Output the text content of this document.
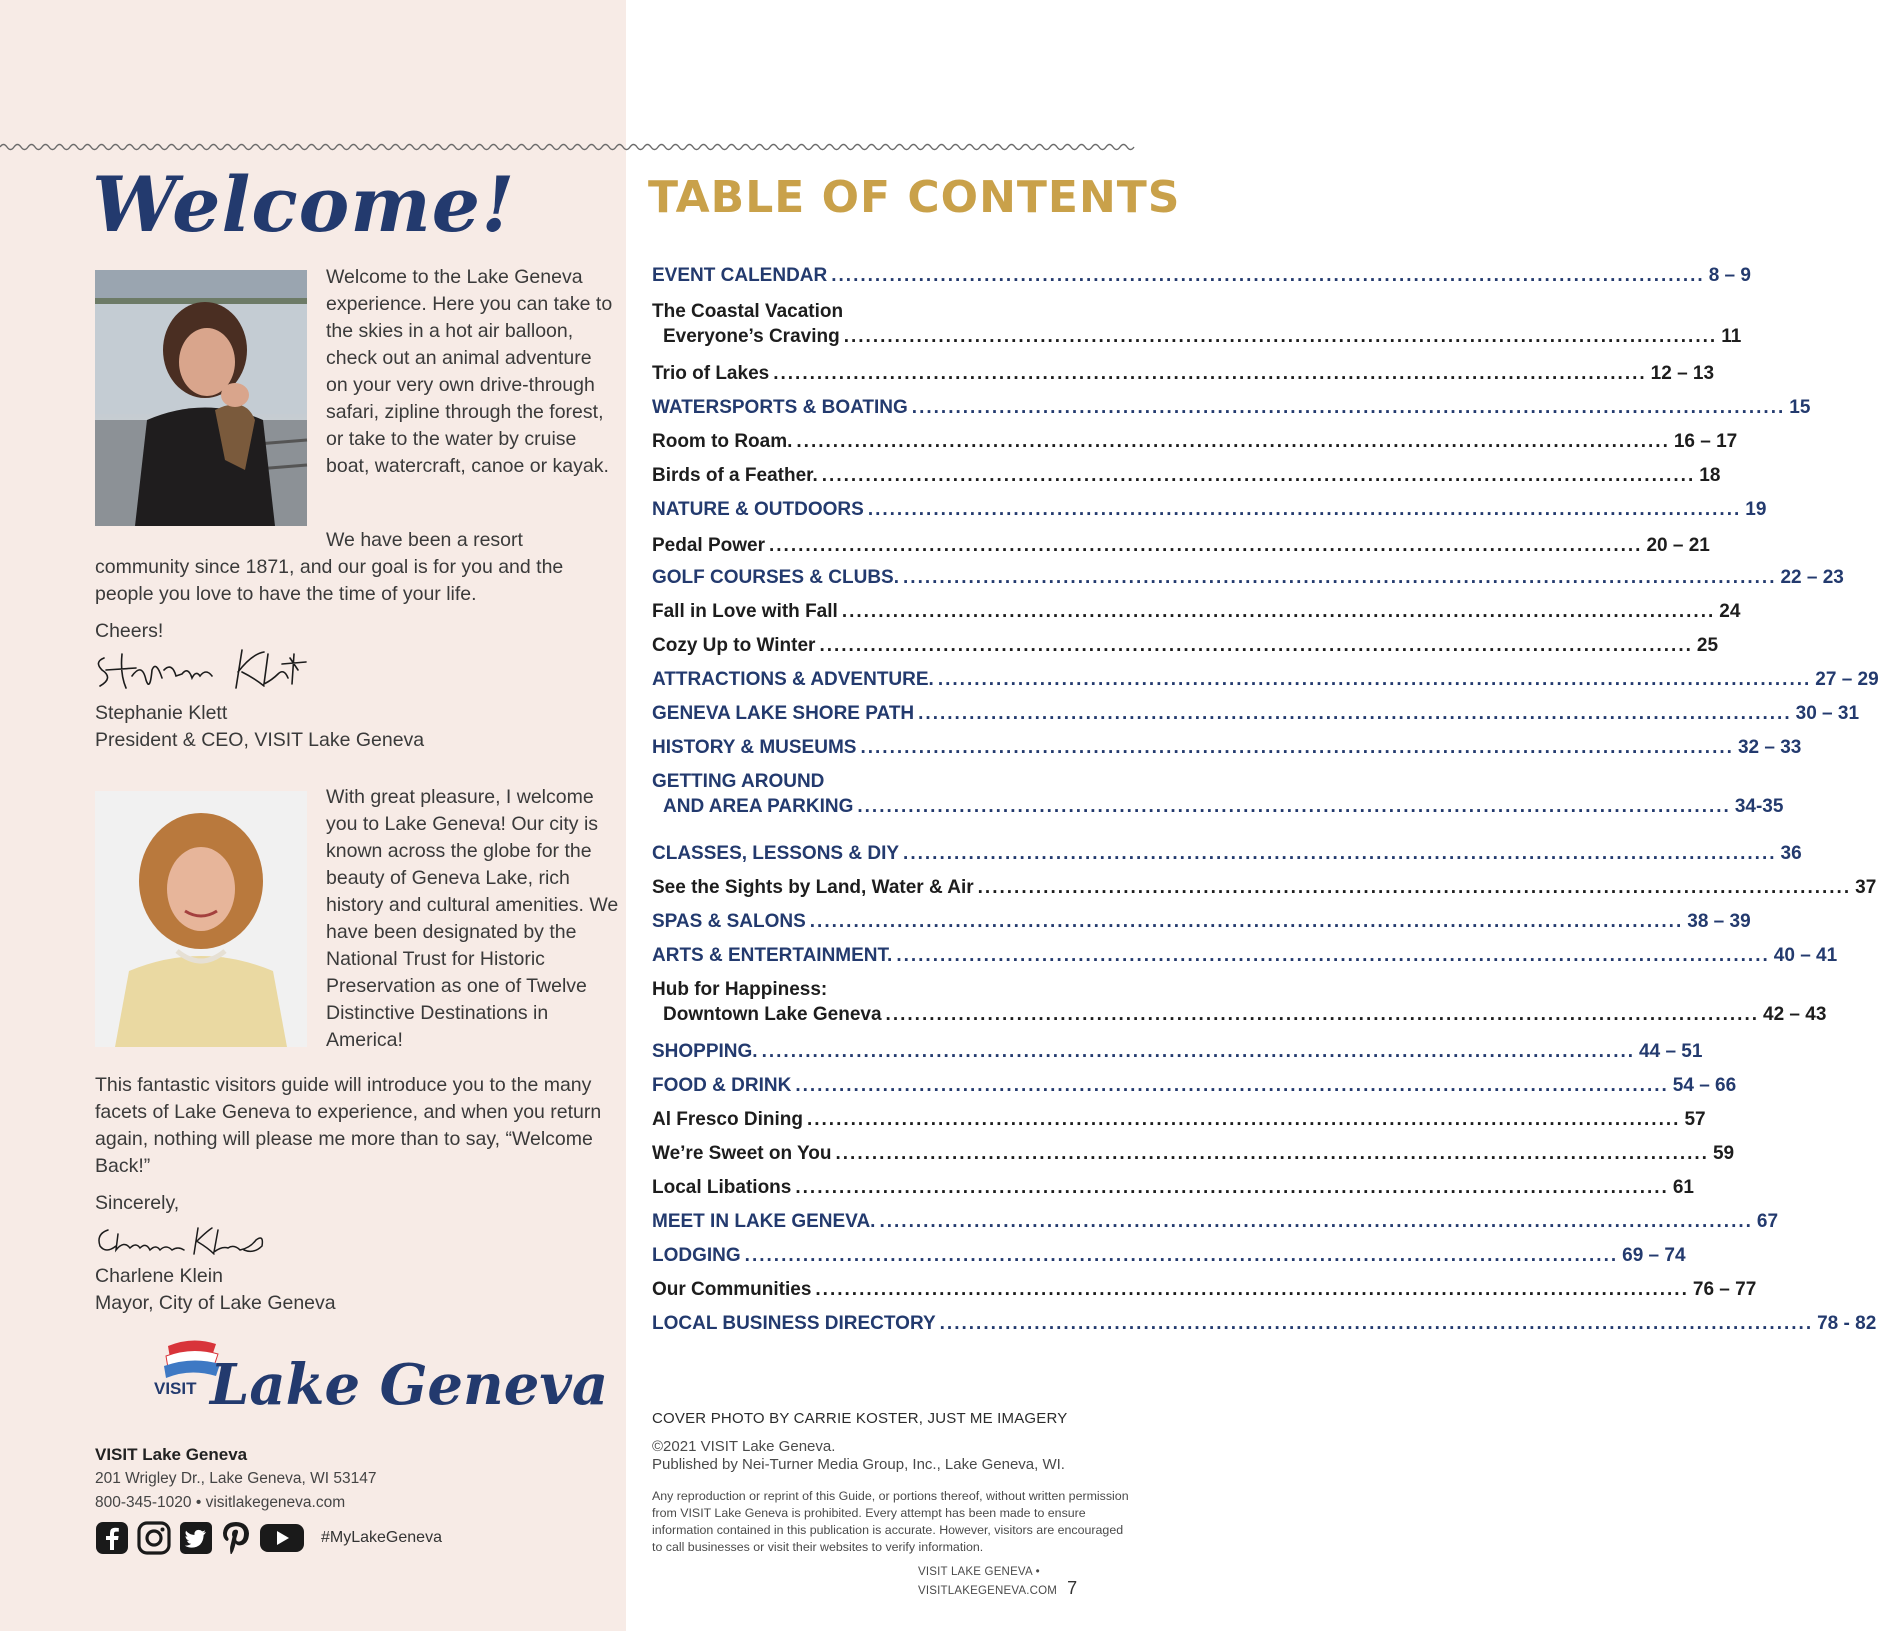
Welcome!

Welcome to the Lake Geneva experience. Here you can take to the skies in a hot air balloon, check out an animal adventure on your very own drive-through safari, zipline through the forest, or take to the water by cruise boat, watercraft, canoe or kayak.

We have been a resort

community since 1871, and our goal is for you and the people you love to have the time of your life.

Cheers!

Stephanie Klett

President & CEO, VISIT Lake Geneva

With great pleasure, I welcome you to Lake Geneva! Our city is known across the globe for the beauty of Geneva Lake, rich history and cultural amenities. We have been designated by the National Trust for Historic Preservation as one of Twelve Distinctive Destinations in America!

This fantastic visitors guide will introduce you to the many facets of Lake Geneva to experience, and when you return again, nothing will please me more than to say, “Welcome Back!”

Sincerely,

Charlene Klein

Mayor, City of Lake Geneva

VISIT Lake Geneva
VISIT Lake Geneva
201 Wrigley Dr., Lake Geneva, WI 53147
800-345-1020 • visitlakegeneva.com
#MyLakeGeneva
TABLE OF CONTENTS
EVENT CALENDAR ........................................................................................................................ 8 – 9
The Coastal Vacation
Everyone’s Craving ........................................................................................................................ 11
Trio of Lakes ........................................................................................................................ 12 – 13
WATERSPORTS & BOATING ........................................................................................................................ 15
Room to Roam. ........................................................................................................................ 16 – 17
Birds of a Feather. ........................................................................................................................ 18
NATURE & OUTDOORS ........................................................................................................................ 19
Pedal Power ........................................................................................................................ 20 – 21
GOLF COURSES & CLUBS. ........................................................................................................................ 22 – 23
Fall in Love with Fall ........................................................................................................................ 24
Cozy Up to Winter ........................................................................................................................ 25
ATTRACTIONS & ADVENTURE. ........................................................................................................................ 27 – 29
GENEVA LAKE SHORE PATH ........................................................................................................................ 30 – 31
HISTORY & MUSEUMS ........................................................................................................................ 32 – 33
GETTING AROUND
AND AREA PARKING ........................................................................................................................ 34-35
CLASSES, LESSONS & DIY ........................................................................................................................ 36
See the Sights by Land, Water & Air ........................................................................................................................ 37
SPAS & SALONS ........................................................................................................................ 38 – 39
ARTS & ENTERTAINMENT. ........................................................................................................................ 40 – 41
Hub for Happiness:
Downtown Lake Geneva ........................................................................................................................ 42 – 43
SHOPPING. ........................................................................................................................ 44 – 51
FOOD & DRINK ........................................................................................................................ 54 – 66
Al Fresco Dining ........................................................................................................................ 57
We’re Sweet on You ........................................................................................................................ 59
Local Libations ........................................................................................................................ 61
MEET IN LAKE GENEVA. ........................................................................................................................ 67
LODGING ........................................................................................................................ 69 – 74
Our Communities ........................................................................................................................ 76 – 77
LOCAL BUSINESS DIRECTORY ........................................................................................................................ 78 - 82
COVER PHOTO BY CARRIE KOSTER, JUST ME IMAGERY
©2021 VISIT Lake Geneva.
Published by Nei-Turner Media Group, Inc., Lake Geneva, WI.
Any reproduction or reprint of this Guide, or portions thereof, without written permission from VISIT Lake Geneva is prohibited. Every attempt has been made to ensure information contained in this publication is accurate. However, visitors are encouraged to call businesses or visit their websites to verify information.
VISIT LAKE GENEVA • VISITLAKEGENEVA.COM 7
